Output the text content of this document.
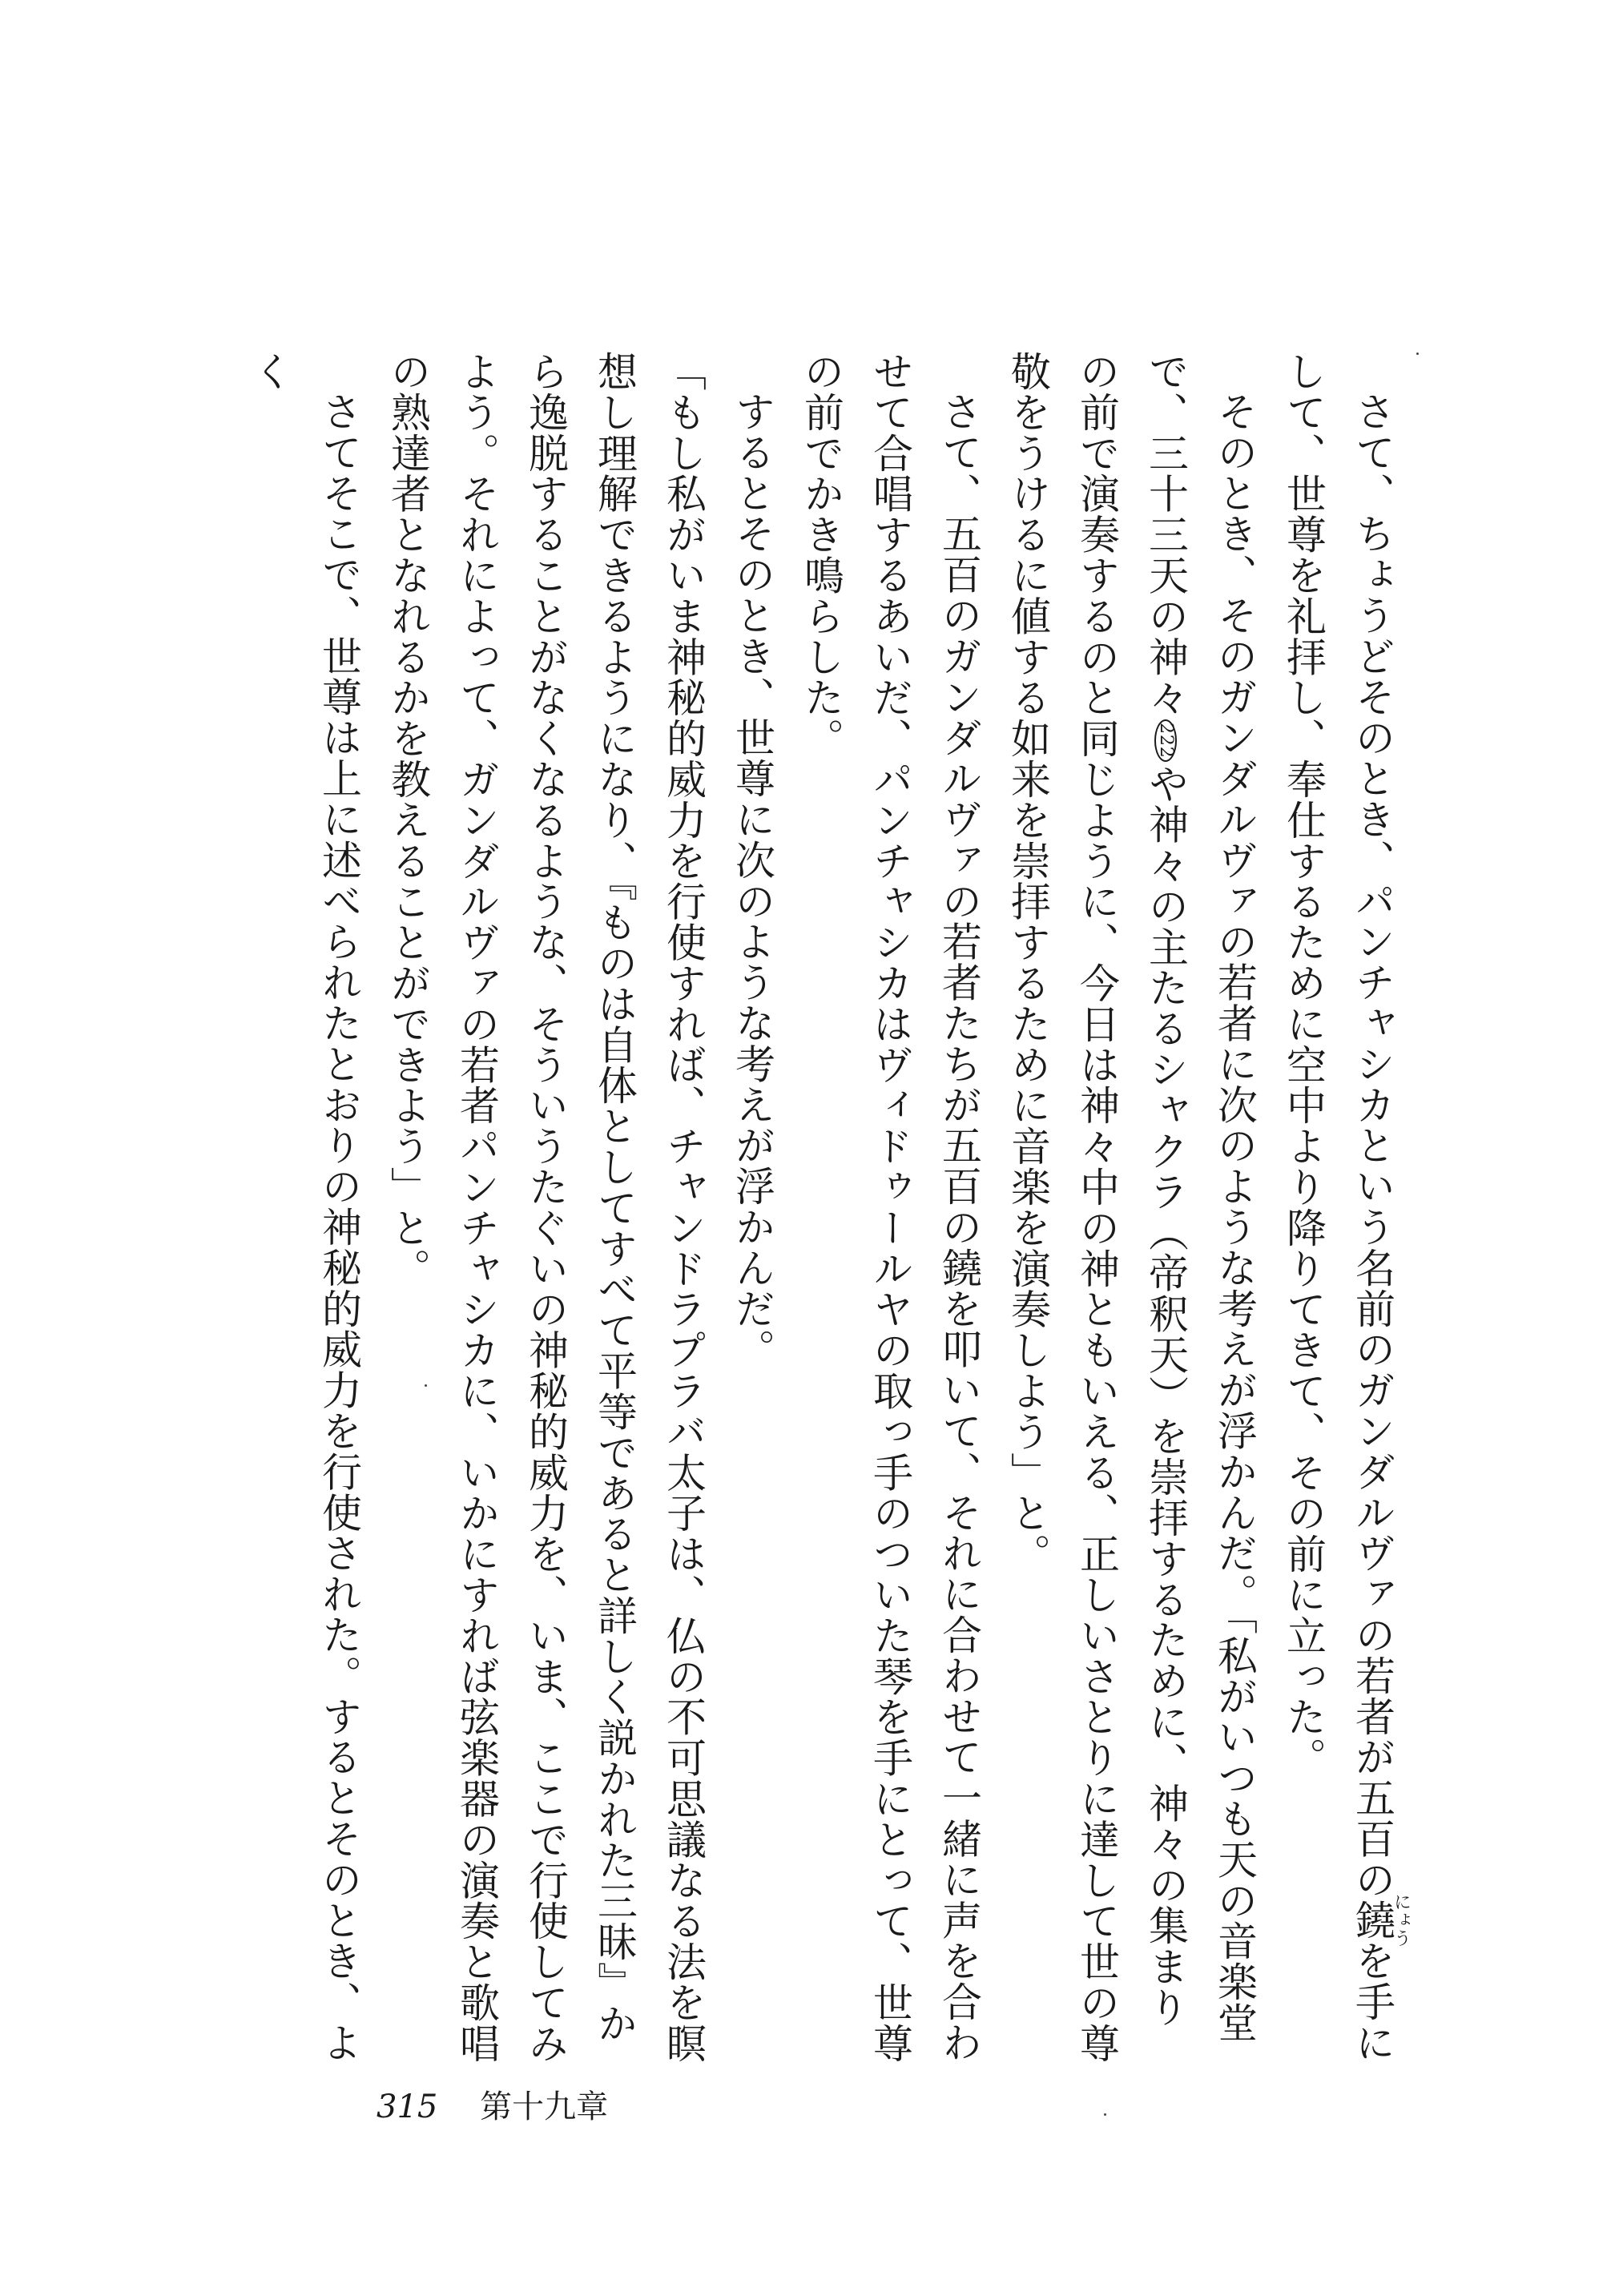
さて、ちょうどそのとき、パンチャシカという名前のガンダルヴァの若者が五百の鐃にょうを手にして、世尊を礼拝し、奉仕するために空中より降りてきて、その前に立った。

そのとき、そのガンダルヴァの若者に次のような考えが浮かんだ。「私がいつも天の音楽堂で、三十三天の神々222や神々の主たるシャクラ（帝釈天）を崇拝するために、神々の集まりの前で演奏するのと同じように、今日は神々中の神ともいえる、正しいさとりに達して世の尊敬をうけるに値する如来を崇拝するために音楽を演奏しよう」と。

さて、五百のガンダルヴァの若者たちが五百の鐃を叩いて、それに合わせて一緒に声を合わせて合唱するあいだ、パンチャシカはヴィドゥールヤの取っ手のついた琴を手にとって、世尊の前でかき鳴らした。

するとそのとき、世尊に次のような考えが浮かんだ。

「もし私がいま神秘的威力を行使すれば、チャンドラプラバ太子は、仏の不可思議なる法を瞑想し理解できるようになり、『ものは自体としてすべて平等であると詳しく説かれた三昧』から逸脱することがなくなるような、そういうたぐいの神秘的威力を、いま、ここで行使してみよう。それによって、ガンダルヴァの若者パンチャシカに、いかにすれば弦楽器の演奏と歌唱の熟達者となれるかを教えることができよう」と。

さてそこで、世尊は上に述べられたとおりの神秘的威力を行使された。するとそのとき、よく

315 第十九章
